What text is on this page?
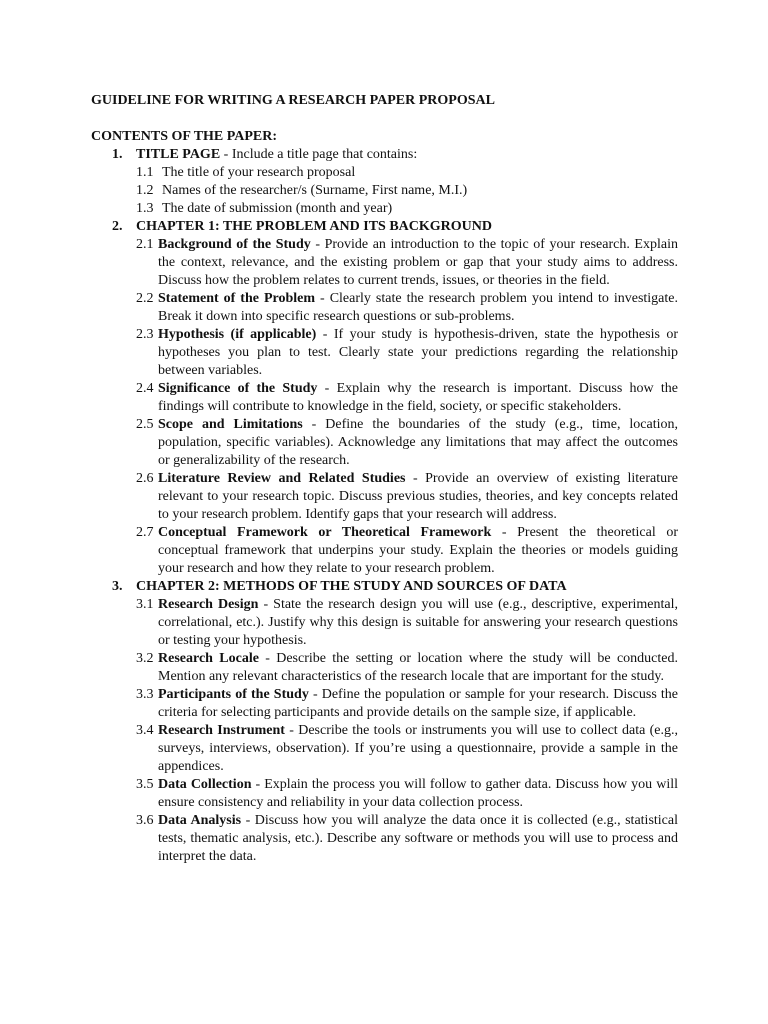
GUIDELINE FOR WRITING A RESEARCH PAPER PROPOSAL
CONTENTS OF THE PAPER:
1. TITLE PAGE - Include a title page that contains:
1.1 The title of your research proposal
1.2 Names of the researcher/s (Surname, First name, M.I.)
1.3 The date of submission (month and year)
2. CHAPTER 1: THE PROBLEM AND ITS BACKGROUND
2.1 Background of the Study - Provide an introduction to the topic of your research. Explain the context, relevance, and the existing problem or gap that your study aims to address. Discuss how the problem relates to current trends, issues, or theories in the field.
2.2 Statement of the Problem - Clearly state the research problem you intend to investigate. Break it down into specific research questions or sub-problems.
2.3 Hypothesis (if applicable) - If your study is hypothesis-driven, state the hypothesis or hypotheses you plan to test. Clearly state your predictions regarding the relationship between variables.
2.4 Significance of the Study - Explain why the research is important. Discuss how the findings will contribute to knowledge in the field, society, or specific stakeholders.
2.5 Scope and Limitations - Define the boundaries of the study (e.g., time, location, population, specific variables). Acknowledge any limitations that may affect the outcomes or generalizability of the research.
2.6 Literature Review and Related Studies - Provide an overview of existing literature relevant to your research topic. Discuss previous studies, theories, and key concepts related to your research problem. Identify gaps that your research will address.
2.7 Conceptual Framework or Theoretical Framework - Present the theoretical or conceptual framework that underpins your study. Explain the theories or models guiding your research and how they relate to your research problem.
3. CHAPTER 2: METHODS OF THE STUDY AND SOURCES OF DATA
3.1 Research Design - State the research design you will use (e.g., descriptive, experimental, correlational, etc.). Justify why this design is suitable for answering your research questions or testing your hypothesis.
3.2 Research Locale - Describe the setting or location where the study will be conducted. Mention any relevant characteristics of the research locale that are important for the study.
3.3 Participants of the Study - Define the population or sample for your research. Discuss the criteria for selecting participants and provide details on the sample size, if applicable.
3.4 Research Instrument - Describe the tools or instruments you will use to collect data (e.g., surveys, interviews, observation). If you’re using a questionnaire, provide a sample in the appendices.
3.5 Data Collection - Explain the process you will follow to gather data. Discuss how you will ensure consistency and reliability in your data collection process.
3.6 Data Analysis - Discuss how you will analyze the data once it is collected (e.g., statistical tests, thematic analysis, etc.). Describe any software or methods you will use to process and interpret the data.
